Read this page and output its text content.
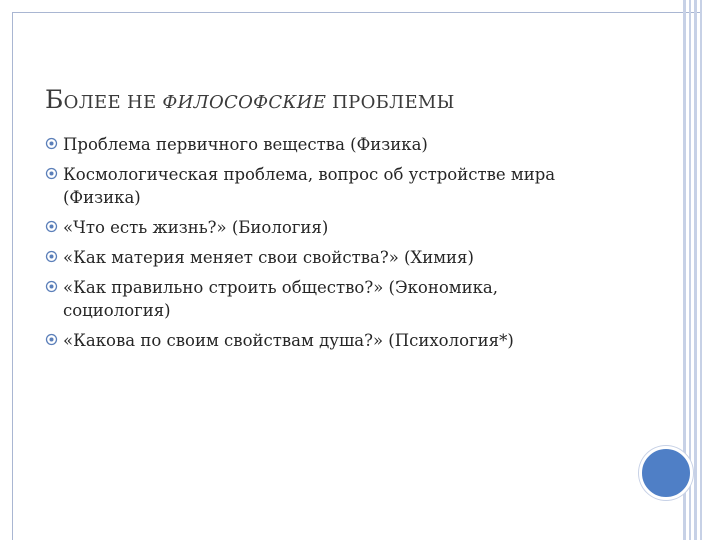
БОЛЕЕ НЕ ФИЛОСОФСКИЕ ПРОБЛЕМЫ
Проблема первичного вещества (Физика)
Космологическая проблема, вопрос об устройстве мира (Физика)
«Что есть жизнь?» (Биология)
«Как материя меняет свои свойства?» (Химия)
«Как правильно строить общество?» (Экономика, социология)
«Какова по своим свойствам душа?» (Психология*)
